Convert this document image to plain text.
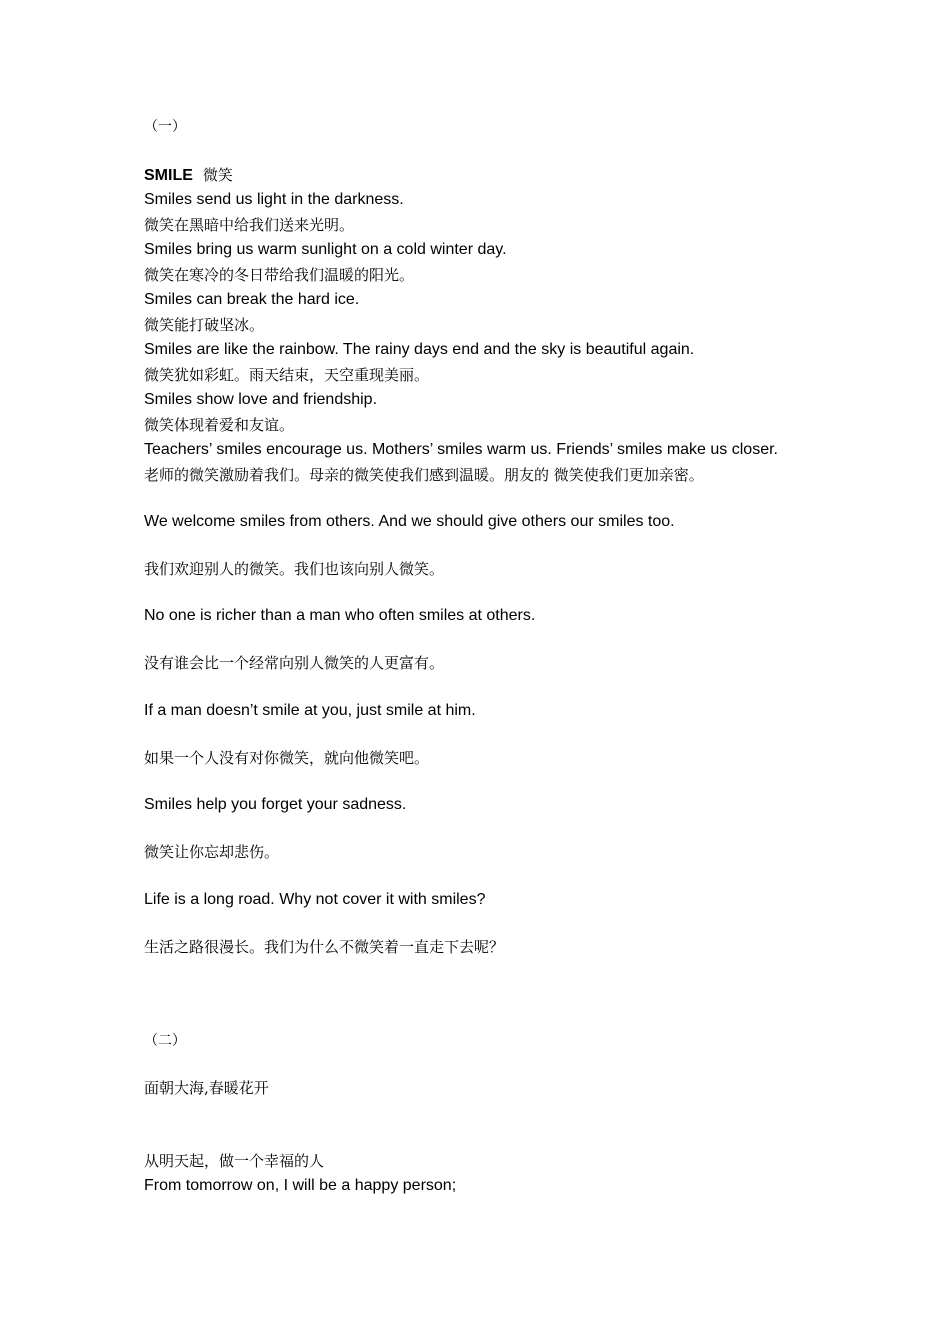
（一）
SMILE 微笑
Smiles send us light in the darkness.
微笑在黑暗中给我们送来光明。
Smiles bring us warm sunlight on a cold winter day.
微笑在寒冷的冬日带给我们温暖的阳光。
Smiles can break the hard ice.
微笑能打破坚冰。
Smiles are like the rainbow. The rainy days end and the sky is beautiful again.
微笑犹如彩虹。雨天结束，天空重现美丽。
Smiles show love and friendship.
微笑体现着爱和友谊。
Teachers’ smiles encourage us. Mothers’ smiles warm us. Friends’ smiles make us closer.
老师的微笑激励着我们。母亲的微笑使我们感到温暖。朋友的 微笑使我们更加亲密。
We welcome smiles from others. And we should give others our smiles too.
我们欢迎别人的微笑。我们也该向别人微笑。
No one is richer than a man who often smiles at others.
没有谁会比一个经常向别人微笑的人更富有。
If a man doesn’t smile at you, just smile at him.
如果一个人没有对你微笑，就向他微笑吧。
Smiles help you forget your sadness.
微笑让你忘却悲伤。
Life is a long road. Why not cover it with smiles?
生活之路很漫长。我们为什么不微笑着一直走下去呢？
（二）
面朝大海,春暖花开
从明天起，做一个幸福的人
From tomorrow on, I will be a happy person;
